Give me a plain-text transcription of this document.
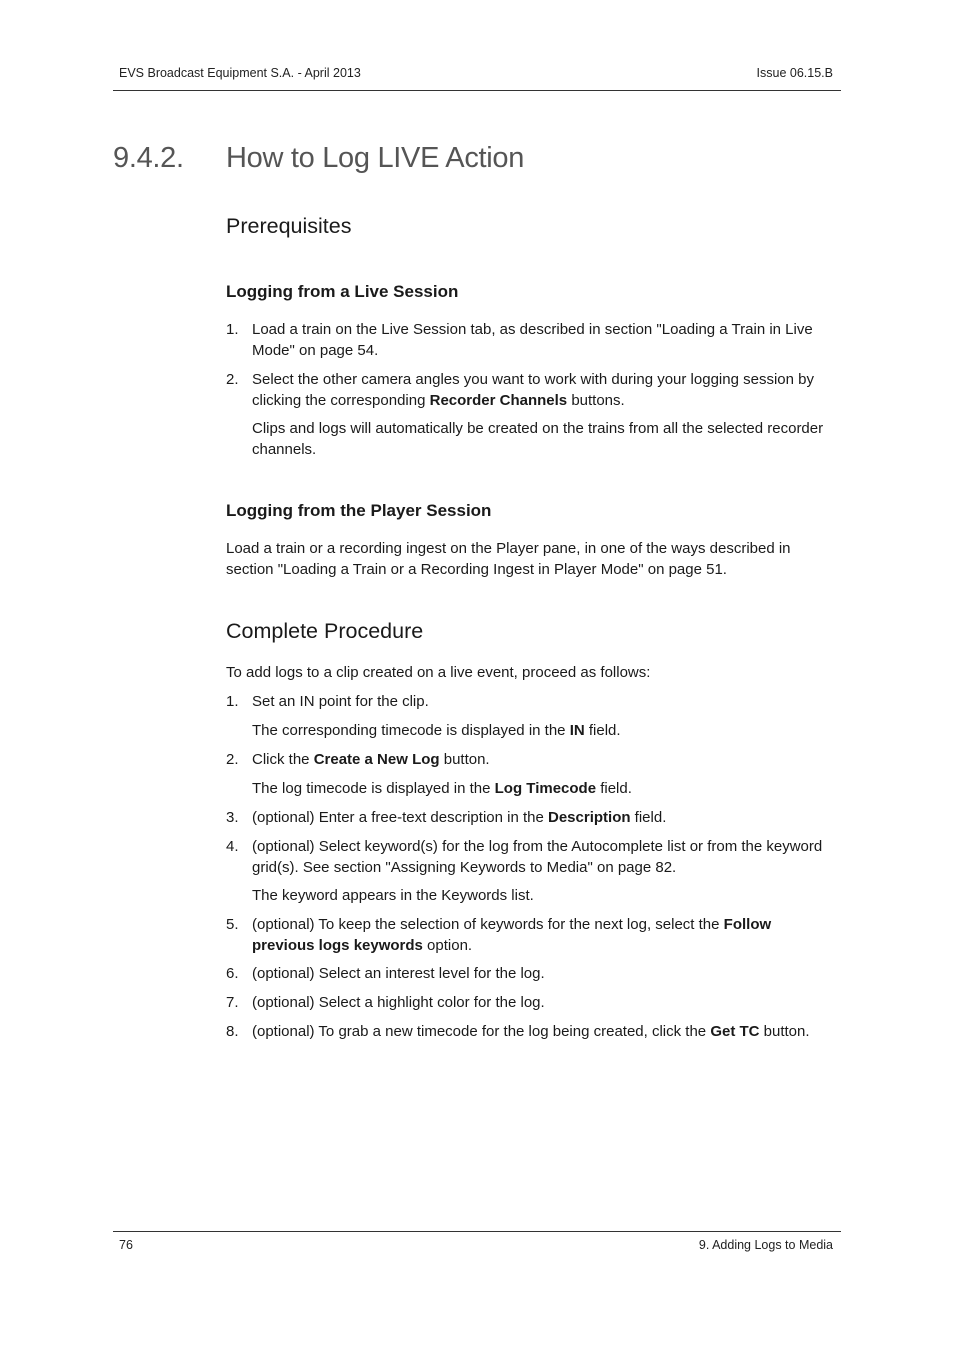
EVS Broadcast Equipment S.A. - April 2013	Issue 06.15.B
9.4.2. How to Log LIVE Action
Prerequisites
Logging from a Live Session
1. Load a train on the Live Session tab, as described in section "Loading a Train in Live
Mode" on page 54.
2. Select the other camera angles you want to work with during your logging session by
clicking the corresponding Recorder Channels buttons.
Clips and logs will automatically be created on the trains from all the selected recorder
channels.
Logging from the Player Session
Load a train or a recording ingest on the Player pane, in one of the ways described in
section "Loading a Train or a Recording Ingest in Player Mode" on page 51.
Complete Procedure
To add logs to a clip created on a live event, proceed as follows:
1. Set an IN point for the clip.
The corresponding timecode is displayed in the IN field.
2. Click the Create a New Log button.
The log timecode is displayed in the Log Timecode field.
3. (optional) Enter a free-text description in the Description field.
4. (optional) Select keyword(s) for the log from the Autocomplete list or from the keyword
grid(s). See section "Assigning Keywords to Media" on page 82.
The keyword appears in the Keywords list.
5. (optional) To keep the selection of keywords for the next log, select the Follow
previous logs keywords option.
6. (optional) Select an interest level for the log.
7. (optional) Select a highlight color for the log.
8. (optional) To grab a new timecode for the log being created, click the Get TC button.
76	9. Adding Logs to Media
